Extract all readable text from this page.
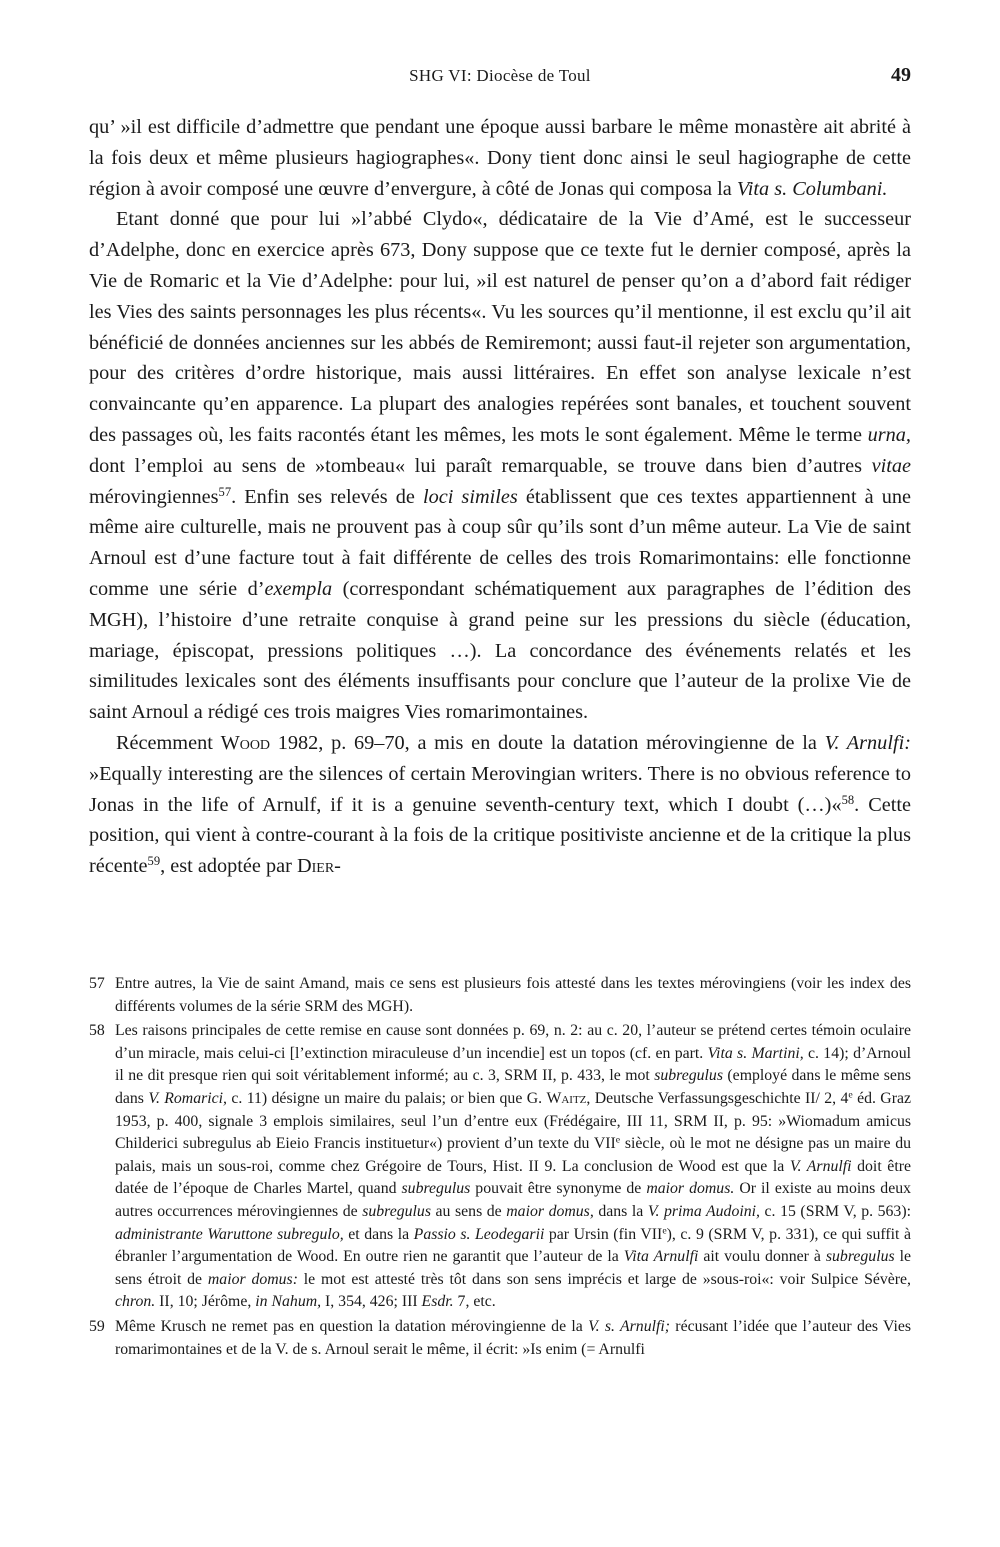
SHG VI: Diocèse de Toul	49

qu’ »il est difficile d’admettre que pendant une époque aussi barbare le même monastère ait abrité à la fois deux et même plusieurs hagiographes«. Dony tient donc ainsi le seul hagiographe de cette région à avoir composé une œuvre d’envergure, à côté de Jonas qui composa la Vita s. Columbani.

Etant donné que pour lui »l’abbé Clydo«, dédicataire de la Vie d’Amé, est le successeur d’Adelphe, donc en exercice après 673, Dony suppose que ce texte fut le dernier composé, après la Vie de Romaric et la Vie d’Adelphe: pour lui, »il est naturel de penser qu’on a d’abord fait rédiger les Vies des saints personnages les plus récents«. Vu les sources qu’il mentionne, il est exclu qu’il ait bénéficié de données anciennes sur les abbés de Remiremont; aussi faut-il rejeter son argumentation, pour des critères d’ordre historique, mais aussi littéraires. En effet son analyse lexicale n’est convaincante qu’en apparence. La plupart des analogies repérées sont banales, et touchent souvent des passages où, les faits racontés étant les mêmes, les mots le sont également. Même le terme urna, dont l’emploi au sens de »tombeau« lui paraît remarquable, se trouve dans bien d’autres vitae mérovingiennes$^{57}$. Enfin ses relevés de loci similes établissent que ces textes appartiennent à une même aire culturelle, mais ne prouvent pas à coup sûr qu’ils sont d’un même auteur. La Vie de saint Arnoul est d’une facture tout à fait différente de celles des trois Romarimontains: elle fonctionne comme une série d’exempla (correspondant schématiquement aux paragraphes de l’édition des MGH), l’histoire d’une retraite conquise à grand peine sur les pressions du siècle (éducation, mariage, épiscopat, pressions politiques …). La concordance des événements relatés et les similitudes lexicales sont des éléments insuffisants pour conclure que l’auteur de la prolixe Vie de saint Arnoul a rédigé ces trois maigres Vies romarimontaines.

Récemment Wood 1982, p. 69–70, a mis en doute la datation mérovingienne de la V. Arnulfi: »Equally interesting are the silences of certain Merovingian writers. There is no obvious reference to Jonas in the life of Arnulf, if it is a genuine seventh-century text, which I doubt (…)«$^{58}$. Cette position, qui vient à contre-courant à la fois de la critique positiviste ancienne et de la critique la plus récente$^{59}$, est adoptée par Dier-

57 Entre autres, la Vie de saint Amand, mais ce sens est plusieurs fois attesté dans les textes mérovingiens (voir les index des différents volumes de la série SRM des MGH).
58 Les raisons principales de cette remise en cause sont données p. 69, n. 2: au c. 20, l’auteur se prétend certes témoin oculaire d’un miracle, mais celui-ci [l’extinction miraculeuse d’un incendie] est un topos (cf. en part. Vita s. Martini, c. 14); d’Arnoul il ne dit presque rien qui soit véritablement informé; au c. 3, SRM II, p. 433, le mot subregulus (employé dans le même sens dans V. Romarici, c. 11) désigne un maire du palais; or bien que G. Waitz, Deutsche Verfassungsgeschichte II/ 2, 4e éd. Graz 1953, p. 400, signale 3 emplois similaires, seul l’un d’entre eux (Frédégaire, III 11, SRM II, p. 95: »Wiomadum amicus Childerici subregulus ab Eieio Francis instituetur«) provient d’un texte du VIIe siècle, où le mot ne désigne pas un maire du palais, mais un sous-roi, comme chez Grégoire de Tours, Hist. II 9. La conclusion de Wood est que la V. Arnulfi doit être datée de l’époque de Charles Martel, quand subregulus pouvait être synonyme de maior domus. Or il existe au moins deux autres occurrences mérovingiennes de subregulus au sens de maior domus, dans la V. prima Audoini, c. 15 (SRM V, p. 563): administrante Waruttone subregulo, et dans la Passio s. Leodegarii par Ursin (fin VIIe), c. 9 (SRM V, p. 331), ce qui suffit à ébranler l’argumentation de Wood. En outre rien ne garantit que l’auteur de la Vita Arnulfi ait voulu donner à subregulus le sens étroit de maior domus: le mot est attesté très tôt dans son sens imprécis et large de »sous-roi«: voir Sulpice Sévère, chron. II, 10; Jérôme, in Nahum, I, 354, 426; III Esdr. 7, etc.
59 Même Krusch ne remet pas en question la datation mérovingienne de la V. s. Arnulfi; récusant l’idée que l’auteur des Vies romarimontaines et de la V. de s. Arnoul serait le même, il écrit: »Is enim (= Arnulfi
